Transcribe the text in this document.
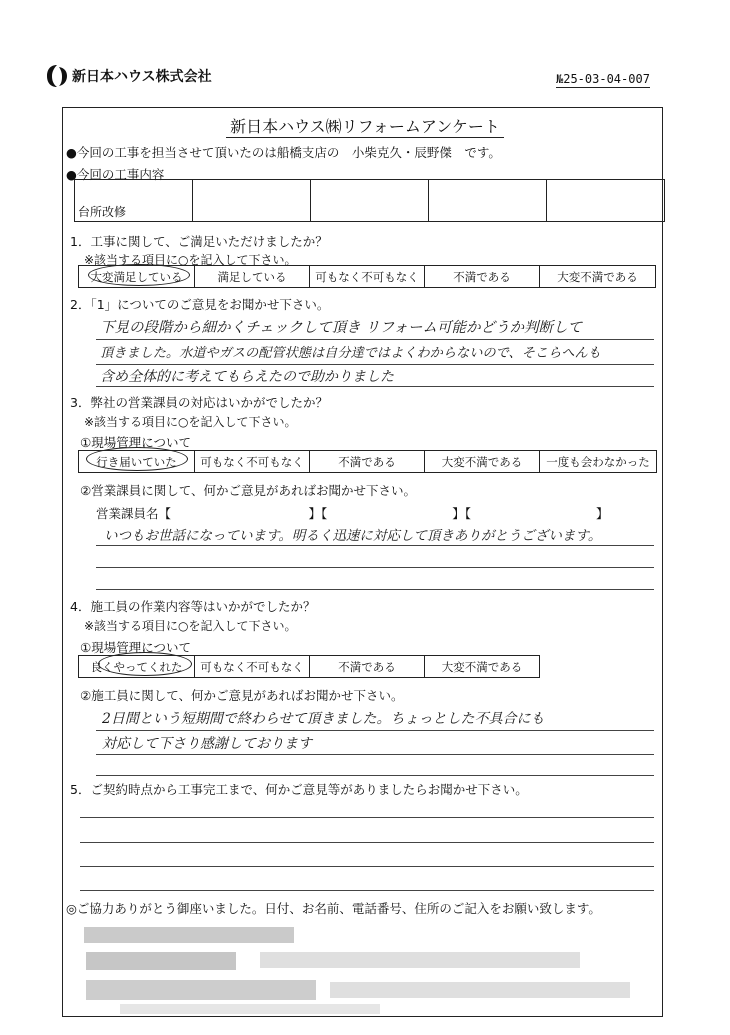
新日本ハウス株式会社	№25-03-04-007
新日本ハウス㈱リフォームアンケート
●今回の工事を担当させて頂いたのは船橋支店の　小柴克久・辰野傑　です。
●今回の工事内容
台所改修				
1．工事に関して、ご満足いただけましたか？
※該当する項目に○を記入して下さい。
大変満足している	満足している	可もなく不可もなく	不満である	大変不満である
2．「1」についてのご意見をお聞かせ下さい。
下見の段階から細かくチェックして頂き リフォーム可能かどうか判断して
頂きました。水道やガスの配管状態は自分達ではよくわからないので、そこらへんも
含め全体的に考えてもらえたので助かりました
3．弊社の営業課員の対応はいかがでしたか？
※該当する項目に○を記入して下さい。
①現場管理について
行き届いていた	可もなく不可もなく	不満である	大変不満である	一度も会わなかった
②営業課員に関して、何かご意見があればお聞かせ下さい。
営業課員名【　　　　　　　　　　　】【　　　　　　　　　　】【　　　　　　　　　　】
いつもお世話になっています。明るく迅速に対応して頂きありがとうございます。
4．施工員の作業内容等はいかがでしたか？
※該当する項目に○を記入して下さい。
①現場管理について
良くやってくれた	可もなく不可もなく	不満である	大変不満である
②施工員に関して、何かご意見があればお聞かせ下さい。
2日間という短期間で終わらせて頂きました。ちょっとした不具合にも
対応して下さり感謝しております
5．ご契約時点から工事完工まで、何かご意見等がありましたらお聞かせ下さい。
◎ご協力ありがとう御座いました。日付、お名前、電話番号、住所のご記入をお願い致します。
